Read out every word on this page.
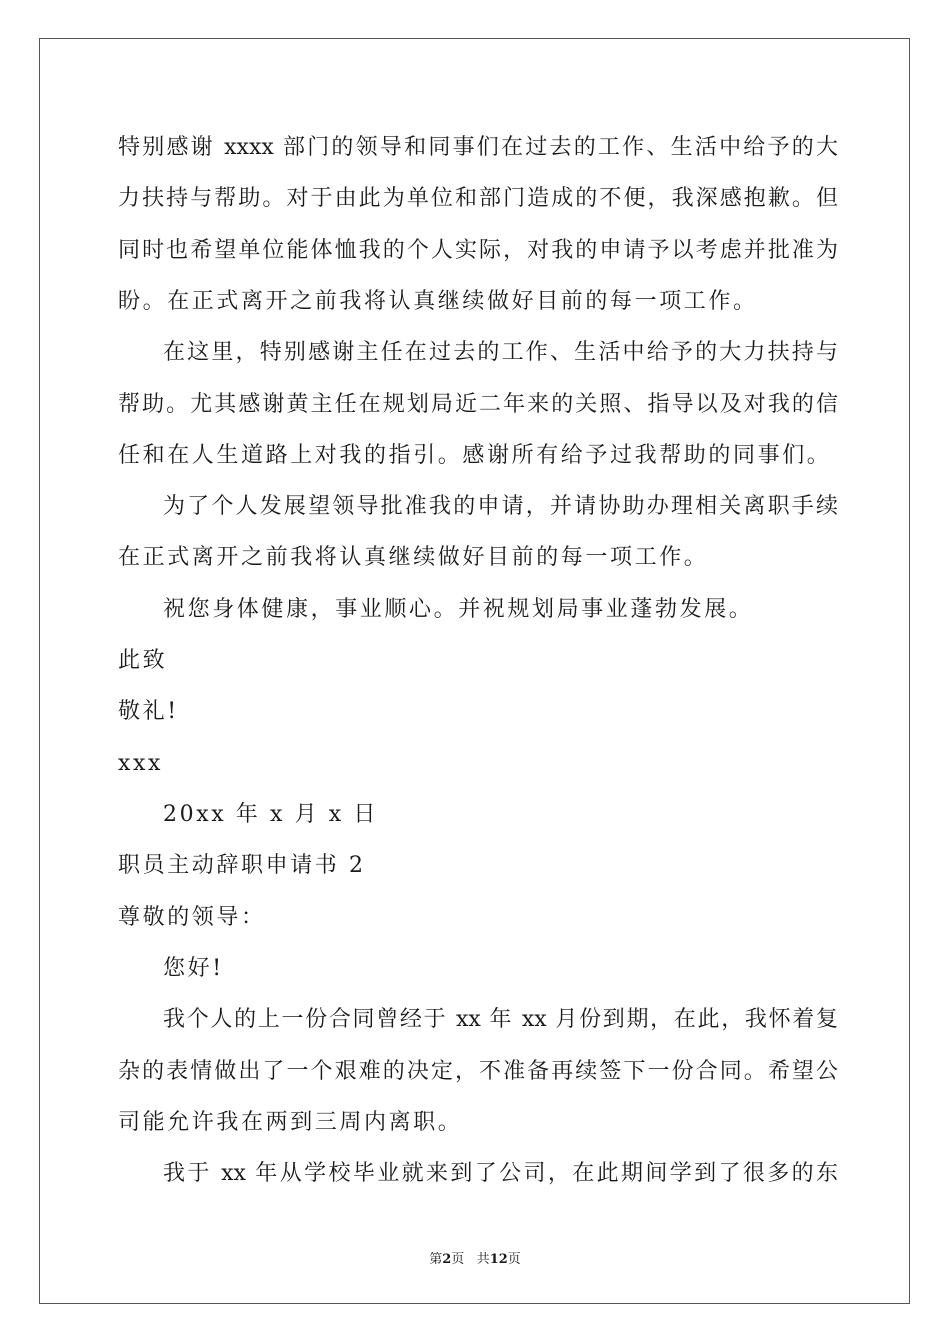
特别感谢 xxxx 部门的领导和同事们在过去的工作、生活中给予的大
力扶持与帮助。对于由此为单位和部门造成的不便，我深感抱歉。但
同时也希望单位能体恤我的个人实际，对我的申请予以考虑并批准为
盼。在正式离开之前我将认真继续做好目前的每一项工作。
在这里，特别感谢主任在过去的工作、生活中给予的大力扶持与
帮助。尤其感谢黄主任在规划局近二年来的关照、指导以及对我的信
任和在人生道路上对我的指引。感谢所有给予过我帮助的同事们。
为了个人发展望领导批准我的申请，并请协助办理相关离职手续
在正式离开之前我将认真继续做好目前的每一项工作。
祝您身体健康，事业顺心。并祝规划局事业蓬勃发展。
此致
敬礼!
xxx
20xx 年 x 月 x 日
职员主动辞职申请书 2
尊敬的领导：
您好!
我个人的上一份合同曾经于 xx 年 xx 月份到期，在此，我怀着复
杂的表情做出了一个艰难的决定，不准备再续签下一份合同。希望公
司能允许我在两到三周内离职。
我于 xx 年从学校毕业就来到了公司，在此期间学到了很多的东
第2页 共12页
